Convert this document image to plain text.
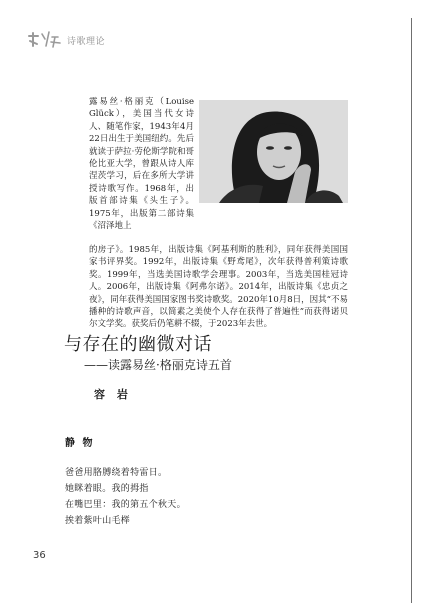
诗歌理论

露易丝·格丽克（Louise Glück），美国当代女诗人、随笔作家，1943年4月22日出生于美国纽约。先后就读于萨拉·劳伦斯学院和哥伦比亚大学，曾跟从诗人库涅茨学习，后在多所大学讲授诗歌写作。1968年，出版首部诗集《头生子》。1975年，出版第二部诗集《沼泽地上

的房子》。1985年，出版诗集《阿基利斯的胜利》，同年获得美国国家书评界奖。1992年，出版诗集《野鸢尾》，次年获得普利策诗歌奖。1999年，当选美国诗歌学会理事。2003年，当选美国桂冠诗人。2006年，出版诗集《阿弗尔诺》。2014年，出版诗集《忠贞之夜》，同年获得美国国家图书奖诗歌奖。2020年10月8日，因其“不易播种的诗歌声音，以简素之美使个人存在获得了普遍性”而获得诺贝尔文学奖。获奖后仍笔耕不辍，于2023年去世。

与存在的幽微对话

——读露易丝·格丽克诗五首

容 岩

静 物

爸爸用胳膊绕着特雷日。
她眯着眼。我的拇指
在嘴巴里：我的第五个秋天。
挨着紫叶山毛榉
36
